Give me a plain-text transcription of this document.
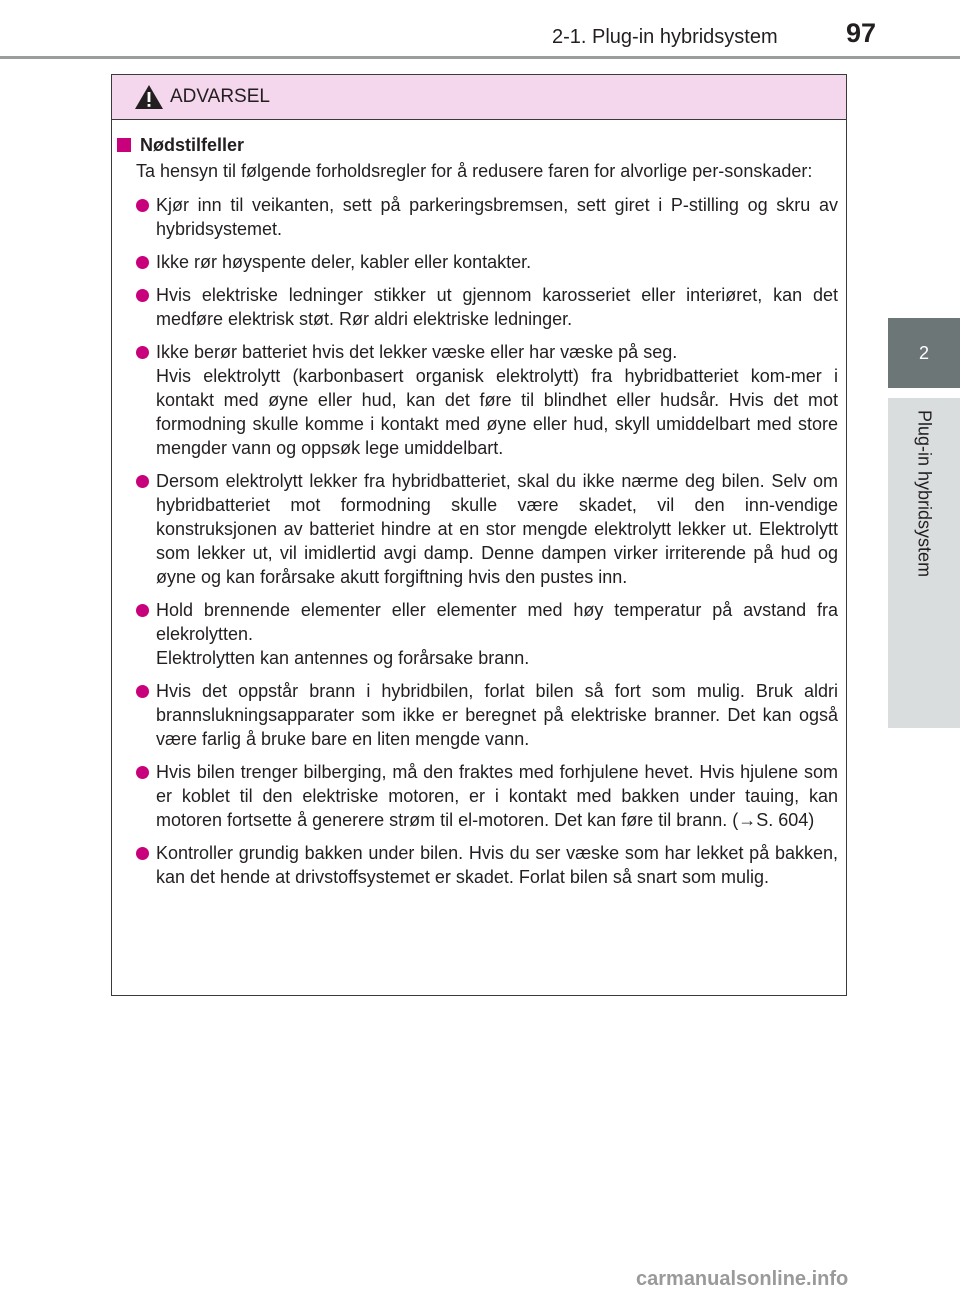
2-1. Plug-in hybridsystem	97
2
Plug-in hybridsystem
ADVARSEL
Nødstilfeller
Ta hensyn til følgende forholdsregler for å redusere faren for alvorlige per-sonskader:

Kjør inn til veikanten, sett på parkeringsbremsen, sett giret i P-stilling og skru av hybridsystemet.

Ikke rør høyspente deler, kabler eller kontakter.

Hvis elektriske ledninger stikker ut gjennom karosseriet eller interiøret, kan det medføre elektrisk støt. Rør aldri elektriske ledninger.

Ikke berør batteriet hvis det lekker væske eller har væske på seg.

Hvis elektrolytt (karbonbasert organisk elektrolytt) fra hybridbatteriet kom-mer i kontakt med øyne eller hud, kan det føre til blindhet eller hudsår. Hvis det mot formodning skulle komme i kontakt med øyne eller hud, skyll umiddelbart med store mengder vann og oppsøk lege umiddelbart.

Dersom elektrolytt lekker fra hybridbatteriet, skal du ikke nærme deg bilen. Selv om hybridbatteriet mot formodning skulle være skadet, vil den inn-vendige konstruksjonen av batteriet hindre at en stor mengde elektrolytt lekker ut. Elektrolytt som lekker ut, vil imidlertid avgi damp. Denne dampen virker irriterende på hud og øyne og kan forårsake akutt forgiftning hvis den pustes inn.

Hold brennende elementer eller elementer med høy temperatur på avstand fra elekrolytten.

Elektrolytten kan antennes og forårsake brann.

Hvis det oppstår brann i hybridbilen, forlat bilen så fort som mulig. Bruk aldri brannslukningsapparater som ikke er beregnet på elektriske branner. Det kan også være farlig å bruke bare en liten mengde vann.

Hvis bilen trenger bilberging, må den fraktes med forhjulene hevet. Hvis hjulene som er koblet til den elektriske motoren, er i kontakt med bakken under tauing, kan motoren fortsette å generere strøm til el-motoren. Det kan føre til brann. (→S. 604)

Kontroller grundig bakken under bilen. Hvis du ser væske som har lekket på bakken, kan det hende at drivstoffsystemet er skadet. Forlat bilen så snart som mulig.

carmanualsonline.info
